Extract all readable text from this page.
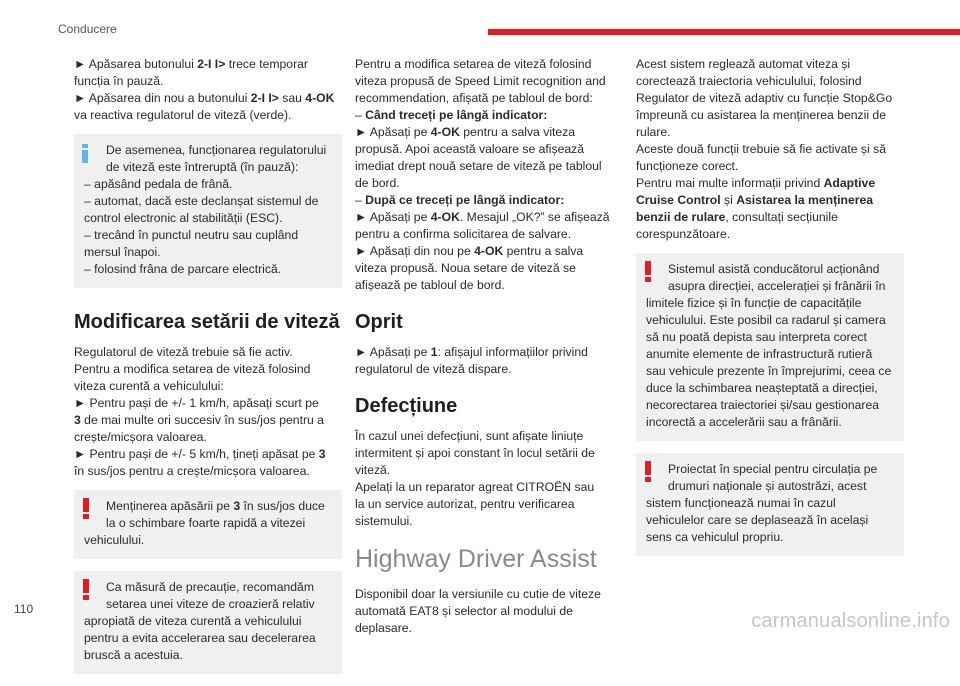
Conducere
► Apăsarea butonului 2-I I> trece temporar
funcția în pauză.
► Apăsarea din nou a butonului 2-I I> sau 4-OK
va reactiva regulatorul de viteză (verde).
De asemenea, funcționarea regulatorului
de viteză este întreruptă (în pauză):
– apăsând pedala de frână.
– automat, dacă este declanșat sistemul de
control electronic al stabilității (ESC).
– trecând în punctul neutru sau cuplând
mersul înapoi.
– folosind frâna de parcare electrică.
Modificarea setării de viteză
Regulatorul de viteză trebuie să fie activ.
Pentru a modifica setarea de viteză folosind
viteza curentă a vehiculului:
► Pentru pași de +/- 1 km/h, apăsați scurt pe
3 de mai multe ori succesiv în sus/jos pentru a
crește/micșora valoarea.
► Pentru pași de +/- 5 km/h, țineți apăsat pe 3
în sus/jos pentru a crește/micșora valoarea.
Menținerea apăsării pe 3 în sus/jos duce
la o schimbare foarte rapidă a vitezei
vehiculului.
Ca măsură de precauție, recomandăm
setarea unei viteze de croazieră relativ
apropiată de viteza curentă a vehiculului
pentru a evita accelerarea sau decelerarea
bruscă a acestuia.
Pentru a modifica setarea de viteză folosind
viteza propusă de Speed Limit recognition and
recommendation, afișată pe tabloul de bord:
– Când treceți pe lângă indicator:
► Apăsați pe 4-OK pentru a salva viteza
propusă. Apoi această valoare se afișează
imediat drept nouă setare de viteză pe tabloul
de bord.
– După ce treceți pe lângă indicator:
► Apăsați pe 4-OK. Mesajul „OK?” se afișează
pentru a confirma solicitarea de salvare.
► Apăsați din nou pe 4-OK pentru a salva
viteza propusă. Noua setare de viteză se
afișează pe tabloul de bord.
Oprit
► Apăsați pe 1: afișajul informațiilor privind
regulatorul de viteză dispare.
Defecțiune
În cazul unei defecțiuni, sunt afișate liniuțe
intermitent și apoi constant în locul setării de
viteză.
Apelați la un reparator agreat CITROËN sau
la un service autorizat, pentru verificarea
sistemului.
Highway Driver Assist
Disponibil doar la versiunile cu cutie de viteze
automată EAT8 și selector al modului de
deplasare.
Acest sistem reglează automat viteza și
corectează traiectoria vehiculului, folosind
Regulator de viteză adaptiv cu funcție Stop&Go
împreună cu asistarea la menținerea benzii de
rulare.
Aceste două funcții trebuie să fie activate și să
funcționeze corect.
Pentru mai multe informații privind Adaptive
Cruise Control și Asistarea la menținerea
benzii de rulare, consultați secțiunile
corespunzătoare.
Sistemul asistă conducătorul acționând
asupra direcției, accelerației și frânării în
limitele fizice și în funcție de capacitățile
vehiculului. Este posibil ca radarul și camera
să nu poată depista sau interpreta corect
anumite elemente de infrastructură rutieră
sau vehicule prezente în împrejurimi, ceea ce
duce la schimbarea neașteptată a direcției,
necorectarea traiectoriei și/sau gestionarea
incorectă a accelerării sau a frânării.
Proiectat în special pentru circulația pe
drumuri naționale și autostrăzi, acest
sistem funcționează numai în cazul
vehiculelor care se deplasează în același
sens ca vehiculul propriu.
110
carmanualsonline.info
